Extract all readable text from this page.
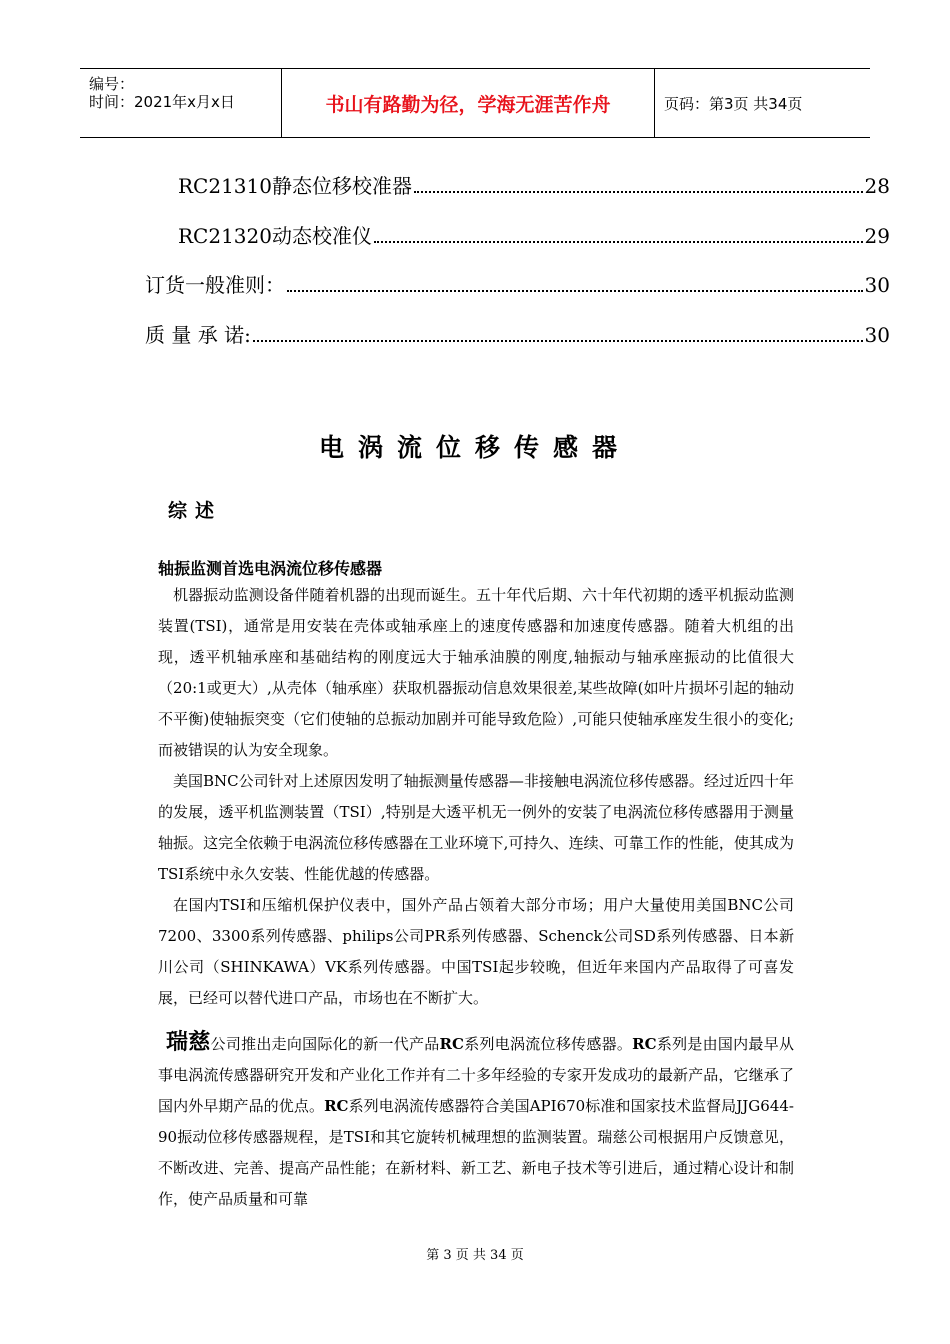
编号：
时间：2021年x月x日	书山有路勤为径，学海无涯苦作舟	页码：第3页 共34页
RC21310静态位移校准器	28
RC21320动态校准仪	29
订货一般准则：	30
质 量 承 诺:	30
电涡流位移传感器
综述
轴振监测首选电涡流位移传感器
机器振动监测设备伴随着机器的出现而诞生。五十年代后期、六十年代初期的透平机振动监测装置(TSI)，通常是用安装在壳体或轴承座上的速度传感器和加速度传感器。随着大机组的出现，透平机轴承座和基础结构的刚度远大于轴承油膜的刚度,轴振动与轴承座振动的比值很大（20:1或更大）,从壳体（轴承座）获取机器振动信息效果很差,某些故障(如叶片损坏引起的轴动不平衡)使轴振突变（它们使轴的总振动加剧并可能导致危险）,可能只使轴承座发生很小的变化; 而被错误的认为安全现象。
美国BNC公司针对上述原因发明了轴振测量传感器—非接触电涡流位移传感器。经过近四十年的发展，透平机监测装置（TSI）,特别是大透平机无一例外的安装了电涡流位移传感器用于测量轴振。这完全依赖于电涡流位移传感器在工业环境下,可持久、连续、可靠工作的性能，使其成为TSI系统中永久安装、性能优越的传感器。
在国内TSI和压缩机保护仪表中，国外产品占领着大部分市场；用户大量使用美国BNC公司7200、3300系列传感器、philips公司PR系列传感器、Schenck公司SD系列传感器、日本新川公司（SHINKAWA）VK系列传感器。中国TSI起步较晚，但近年来国内产品取得了可喜发展，已经可以替代进口产品，市场也在不断扩大。
瑞慈公司推出走向国际化的新一代产品RC系列电涡流位移传感器。RC系列是由国内最早从事电涡流传感器研究开发和产业化工作并有二十多年经验的专家开发成功的最新产品，它继承了国内外早期产品的优点。RC系列电涡流传感器符合美国API670标准和国家技术监督局JJG644-90振动位移传感器规程，是TSI和其它旋转机械理想的监测装置。瑞慈公司根据用户反馈意见，不断改进、完善、提高产品性能；在新材料、新工艺、新电子技术等引进后，通过精心设计和制作，使产品质量和可靠
第 3 页 共 34 页
